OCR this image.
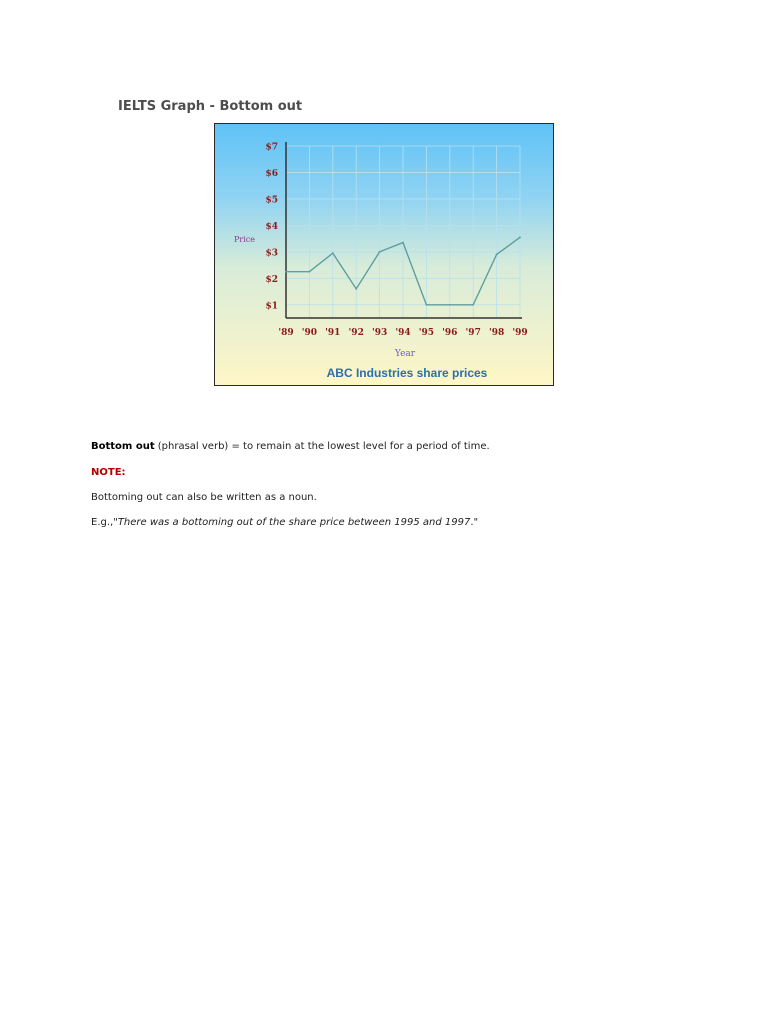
IELTS Graph - Bottom out
$1
$2
$3
$4
$5
$6
$7
'89 '90 '91 '92 '93 '94 '95 '96 '97 '98 '99
Price
Year
ABC Industries share prices

Bottom out (phrasal verb) = to remain at the lowest level for a period of time.

NOTE:

Bottoming out can also be written as a noun.

E.g.,"There was a bottoming out of the share price between 1995 and 1997."
